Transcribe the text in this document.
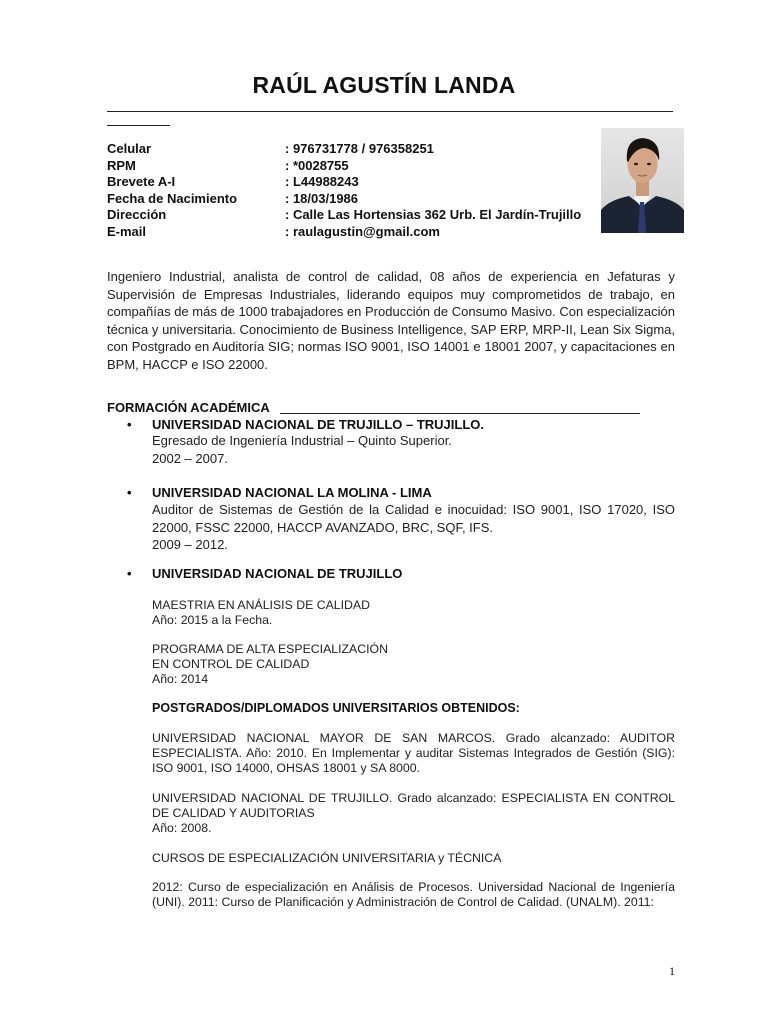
RAÚL AGUSTÍN LANDA
Celular	: 976731778 / 976358251
RPM	: *0028755
Brevete A-I	: L44988243
Fecha de Nacimiento	: 18/03/1986
Dirección	: Calle Las Hortensias 362 Urb. El Jardín-Trujillo
E-mail	: raulagustin@gmail.com
Ingeniero Industrial, analista de control de calidad, 08 años de experiencia en Jefaturas y Supervisión de Empresas Industriales, liderando equipos muy comprometidos de trabajo, en compañías de más de 1000 trabajadores en Producción de Consumo Masivo. Con especialización técnica y universitaria. Conocimiento de Business Intelligence, SAP ERP, MRP-II, Lean Six Sigma, con Postgrado en Auditoría SIG; normas ISO 9001, ISO 14001 e 18001 2007, y capacitaciones en BPM, HACCP e ISO 22000.
FORMACIÓN ACADÉMICA
• UNIVERSIDAD NACIONAL DE TRUJILLO – TRUJILLO.
Egresado de Ingeniería Industrial – Quinto Superior.
2002 – 2007.
• UNIVERSIDAD NACIONAL LA MOLINA - LIMA
Auditor de Sistemas de Gestión de la Calidad e inocuidad: ISO 9001, ISO 17020, ISO 22000, FSSC 22000, HACCP AVANZADO, BRC, SQF, IFS.
2009 – 2012.
• UNIVERSIDAD NACIONAL DE TRUJILLO
MAESTRIA EN ANÁLISIS DE CALIDAD
Año: 2015 a la Fecha.
PROGRAMA DE ALTA ESPECIALIZACIÓN
EN CONTROL DE CALIDAD
Año: 2014
POSTGRADOS/DIPLOMADOS UNIVERSITARIOS OBTENIDOS:
UNIVERSIDAD NACIONAL MAYOR DE SAN MARCOS. Grado alcanzado: AUDITOR ESPECIALISTA. Año: 2010. En Implementar y auditar Sistemas Integrados de Gestión (SIG): ISO 9001, ISO 14000, OHSAS 18001 y SA 8000.
UNIVERSIDAD NACIONAL DE TRUJILLO. Grado alcanzado: ESPECIALISTA EN CONTROL DE CALIDAD Y AUDITORIAS
Año: 2008.
CURSOS DE ESPECIALIZACIÓN UNIVERSITARIA y TÉCNICA
2012: Curso de especialización en Análisis de Procesos. Universidad Nacional de Ingeniería (UNI). 2011: Curso de Planificación y Administración de Control de Calidad. (UNALM). 2011:
1
